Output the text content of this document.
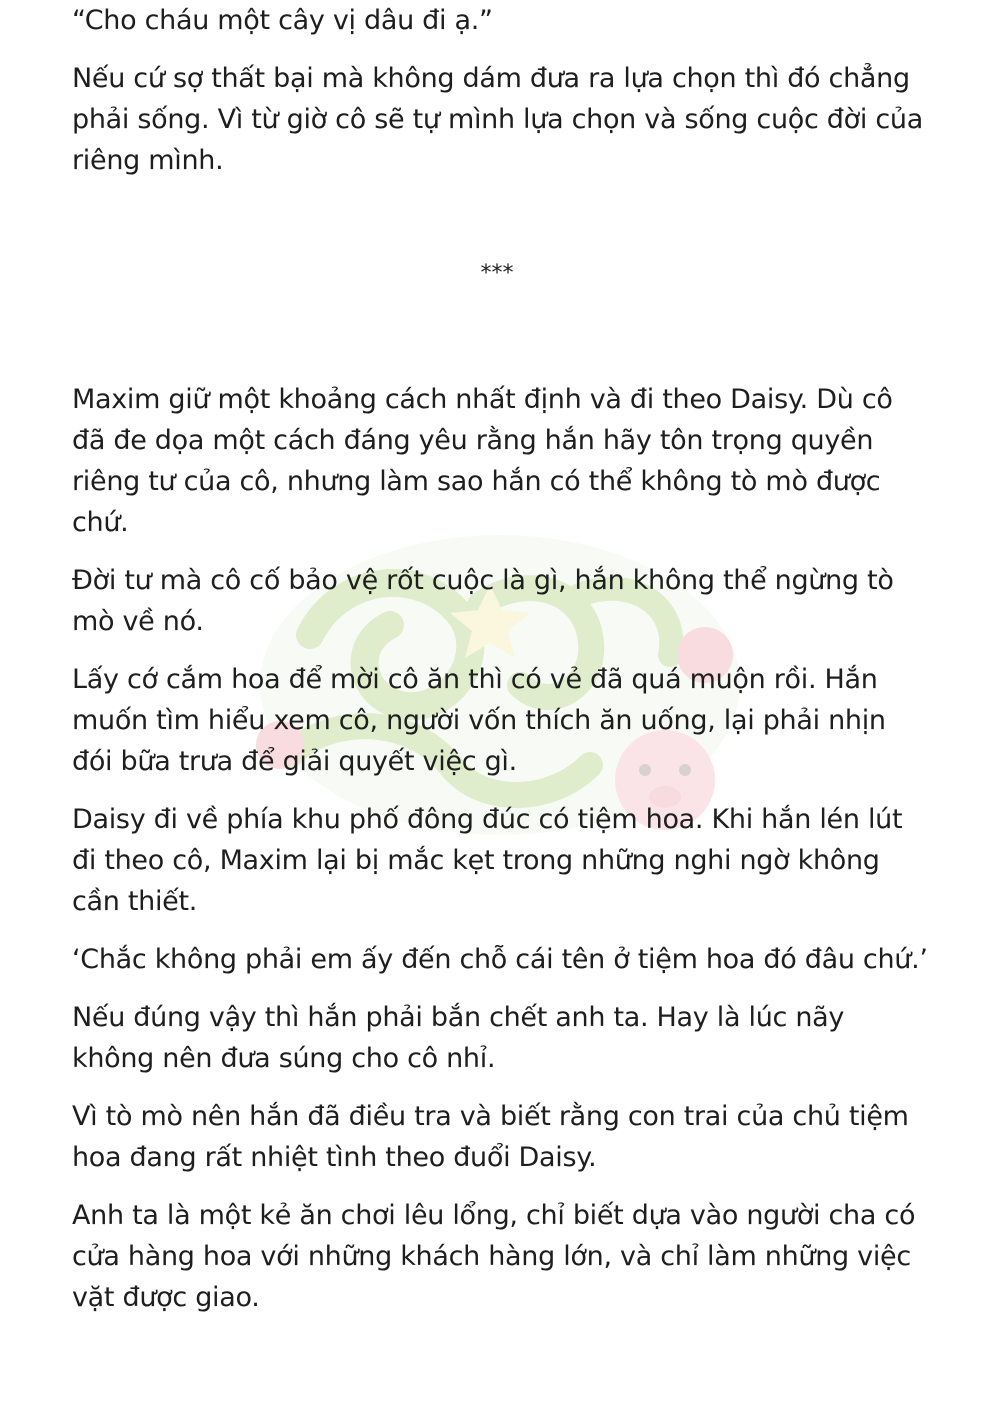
“Cho cháu một cây vị dâu đi ạ.”

Nếu cứ sợ thất bại mà không dám đưa ra lựa chọn thì đó chẳng phải sống. Vì từ giờ cô sẽ tự mình lựa chọn và sống cuộc đời của riêng mình.

***

Maxim giữ một khoảng cách nhất định và đi theo Daisy. Dù cô đã đe dọa một cách đáng yêu rằng hắn hãy tôn trọng quyền riêng tư của cô, nhưng làm sao hắn có thể không tò mò được chứ.

Đời tư mà cô cố bảo vệ rốt cuộc là gì, hắn không thể ngừng tò mò về nó.

Lấy cớ cắm hoa để mời cô ăn thì có vẻ đã quá muộn rồi. Hắn muốn tìm hiểu xem cô, người vốn thích ăn uống, lại phải nhịn đói bữa trưa để giải quyết việc gì.

Daisy đi về phía khu phố đông đúc có tiệm hoa. Khi hắn lén lút đi theo cô, Maxim lại bị mắc kẹt trong những nghi ngờ không cần thiết.

‘Chắc không phải em ấy đến chỗ cái tên ở tiệm hoa đó đâu chứ.’

Nếu đúng vậy thì hắn phải bắn chết anh ta. Hay là lúc nãy không nên đưa súng cho cô nhỉ.

Vì tò mò nên hắn đã điều tra và biết rằng con trai của chủ tiệm hoa đang rất nhiệt tình theo đuổi Daisy.

Anh ta là một kẻ ăn chơi lêu lổng, chỉ biết dựa vào người cha có cửa hàng hoa với những khách hàng lớn, và chỉ làm những việc vặt được giao.
